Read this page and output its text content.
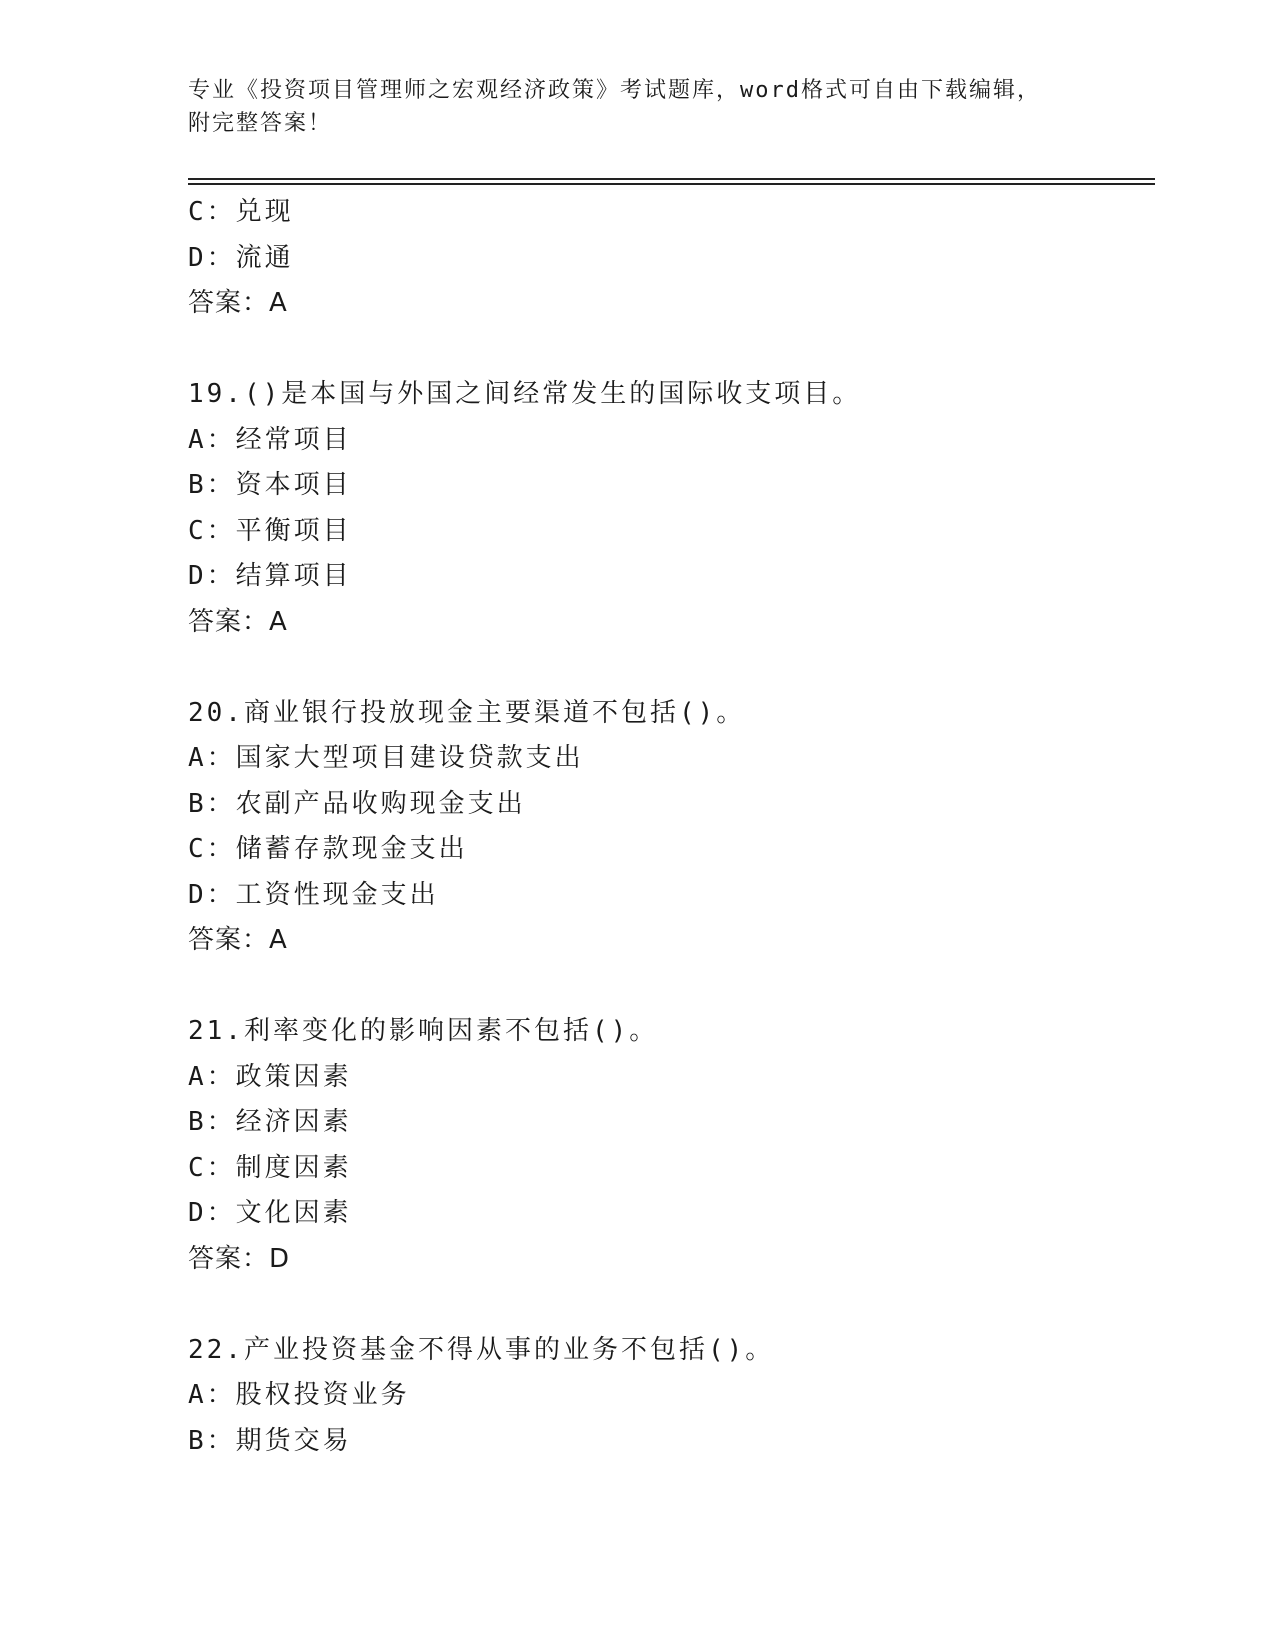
专业《投资项目管理师之宏观经济政策》考试题库，word格式可自由下载编辑，
附完整答案！
C：兑现
D：流通
答案：A
19.()是本国与外国之间经常发生的国际收支项目。
A：经常项目
B：资本项目
C：平衡项目
D：结算项目
答案：A
20.商业银行投放现金主要渠道不包括()。
A：国家大型项目建设贷款支出
B：农副产品收购现金支出
C：储蓄存款现金支出
D：工资性现金支出
答案：A
21.利率变化的影响因素不包括()。
A：政策因素
B：经济因素
C：制度因素
D：文化因素
答案：D
22.产业投资基金不得从事的业务不包括()。
A：股权投资业务
B：期货交易
